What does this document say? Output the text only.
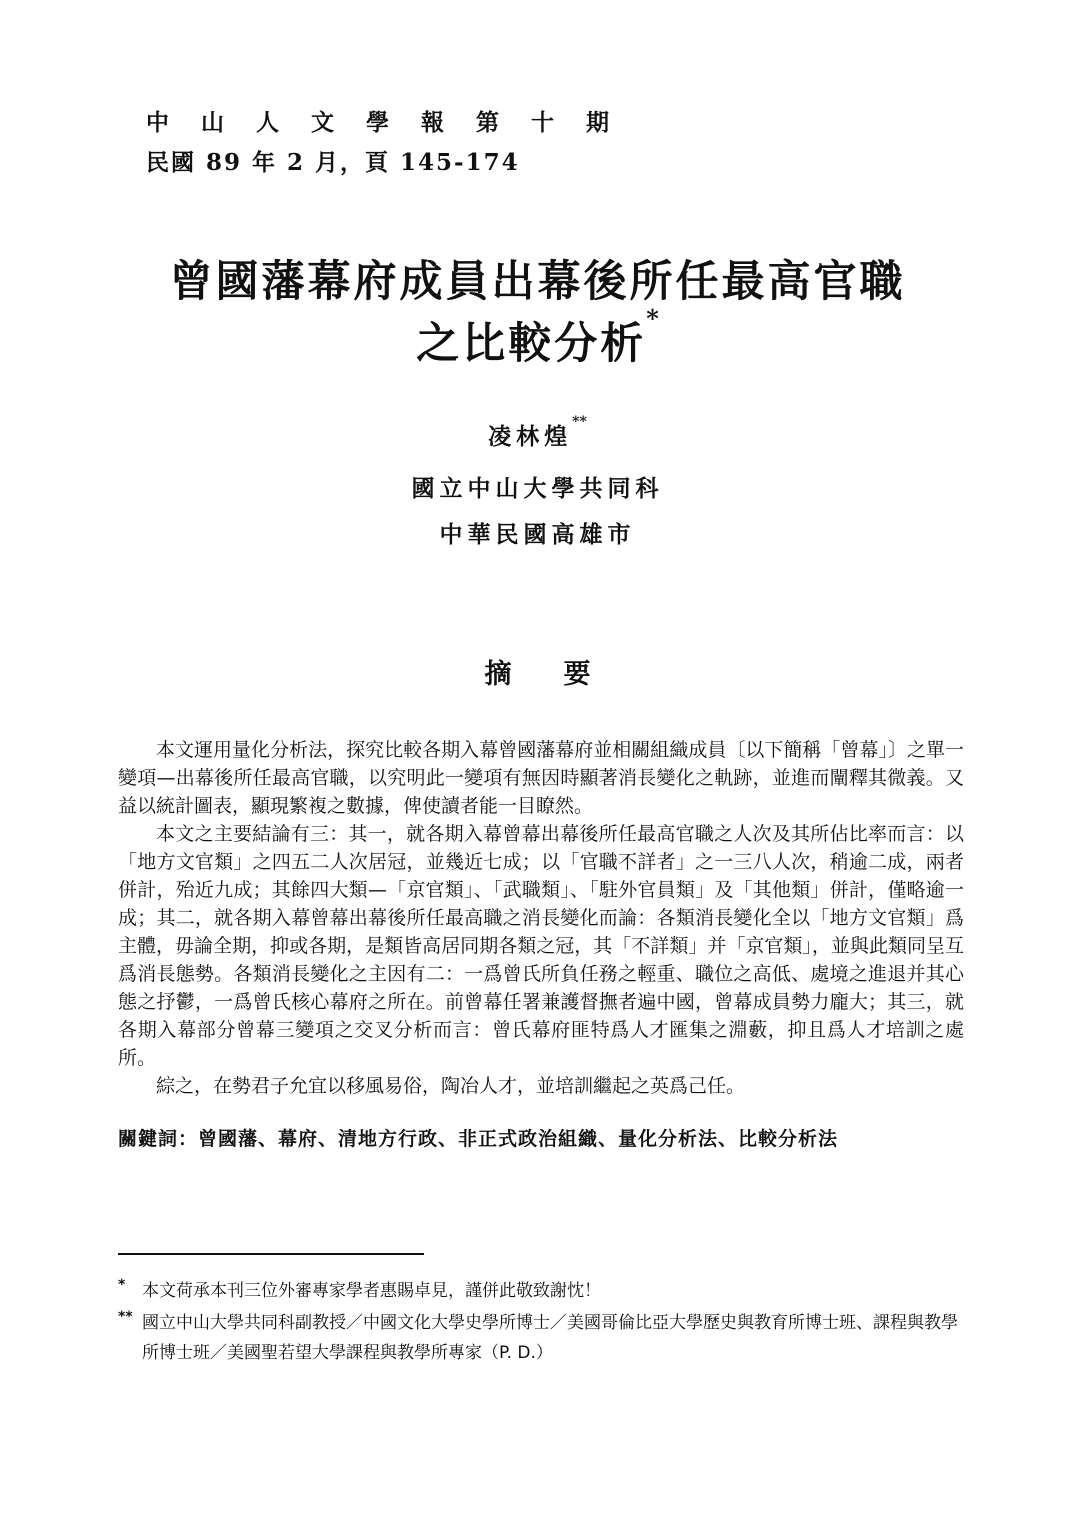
中 山 人 文 學 報 第 十 期
民國 89 年 2 月，頁 145-174
曾國藩幕府成員出幕後所任最高官職
之比較分析*
凌林煌**
國立中山大學共同科
中華民國高雄市
摘要

本文運用量化分析法，探究比較各期入幕曾國藩幕府並相關組織成員〔以下簡稱「曾幕」〕之單一變項—出幕後所任最高官職，以究明此一變項有無因時顯著消長變化之軌跡，並進而闡釋其微義。又益以統計圖表，顯現繁複之數據，俾使讀者能一目瞭然。

本文之主要結論有三：其一，就各期入幕曾幕出幕後所任最高官職之人次及其所佔比率而言：以「地方文官類」之四五二人次居冠，並幾近七成；以「官職不詳者」之一三八人次，稍逾二成，兩者併計，殆近九成；其餘四大類—「京官類」、「武職類」、「駐外官員類」及「其他類」併計，僅略逾一成；其二，就各期入幕曾幕出幕後所任最高職之消長變化而論：各類消長變化全以「地方文官類」爲主體，毋論全期，抑或各期，是類皆高居同期各類之冠，其「不詳類」并「京官類」，並與此類同呈互爲消長態勢。各類消長變化之主因有二：一爲曾氏所負任務之輕重、職位之高低、處境之進退并其心態之抒鬱，一爲曾氏核心幕府之所在。前曾幕任署兼護督撫者遍中國，曾幕成員勢力龐大；其三，就各期入幕部分曾幕三變項之交叉分析而言：曾氏幕府匪特爲人才匯集之淵藪，抑且爲人才培訓之處所。

綜之，在勢君子允宜以移風易俗，陶冶人才，並培訓繼起之英爲己任。

關鍵詞：曾國藩、幕府、清地方行政、非正式政治組織、量化分析法、比較分析法
* 本文荷承本刊三位外審專家學者惠賜卓見，謹併此敬致謝忱！
** 國立中山大學共同科副教授／中國文化大學史學所博士／美國哥倫比亞大學歷史與教育所博士班、課程與教學所博士班／美國聖若望大學課程與教學所專家（P. D.）
